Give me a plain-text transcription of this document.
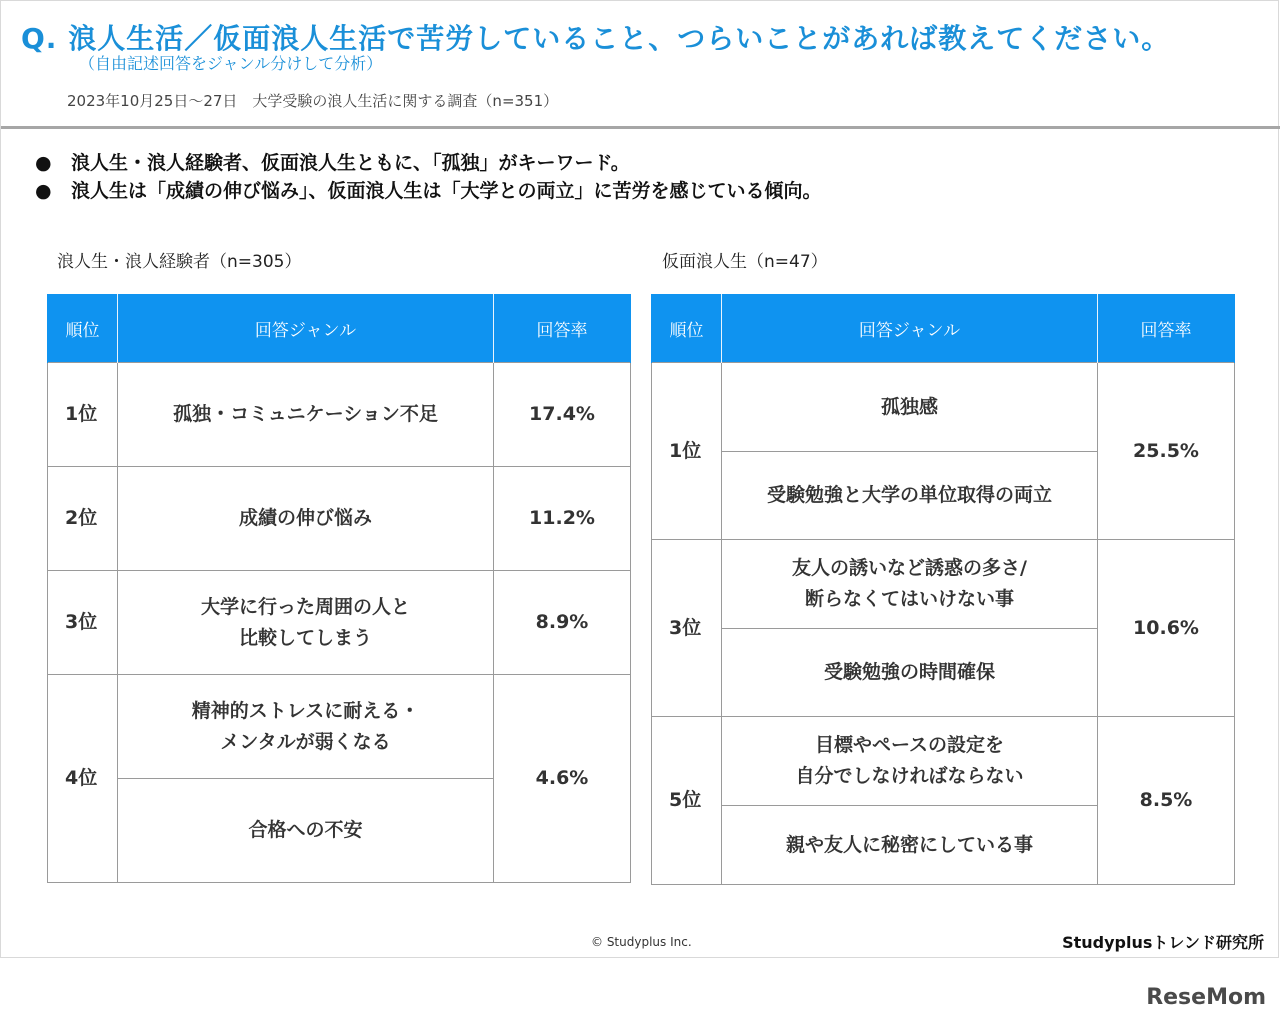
Q. 浪人生活／仮面浪人生活で苦労していること、つらいことがあれば教えてください。
（自由記述回答をジャンル分けして分析）
2023年10月25日〜27日　大学受験の浪人生活に関する調査（n=351）
● 浪人生・浪人経験者、仮面浪人生ともに、「孤独」がキーワード。
● 浪人生は「成績の伸び悩み」、仮面浪人生は「大学との両立」に苦労を感じている傾向。
浪人生・浪人経験者（n=305）	仮面浪人生（n=47）
順位	回答ジャンル	回答率
1位	孤独・コミュニケーション不足	17.4%
2位	成績の伸び悩み	11.2%
3位	大学に行った周囲の人と
比較してしまう	8.9%
4位	精神的ストレスに耐える・
メンタルが弱くなる	4.6%
	合格への不安	
順位	回答ジャンル	回答率
1位	孤独感	25.5%
	受験勉強と大学の単位取得の両立	
3位	友人の誘いなど誘惑の多さ/
断らなくてはいけない事	10.6%
	受験勉強の時間確保	
5位	目標やペースの設定を
自分でしなければならない	8.5%
	親や友人に秘密にしている事	
© Studyplus Inc.	Studyplusトレンド研究所
ReseMom
